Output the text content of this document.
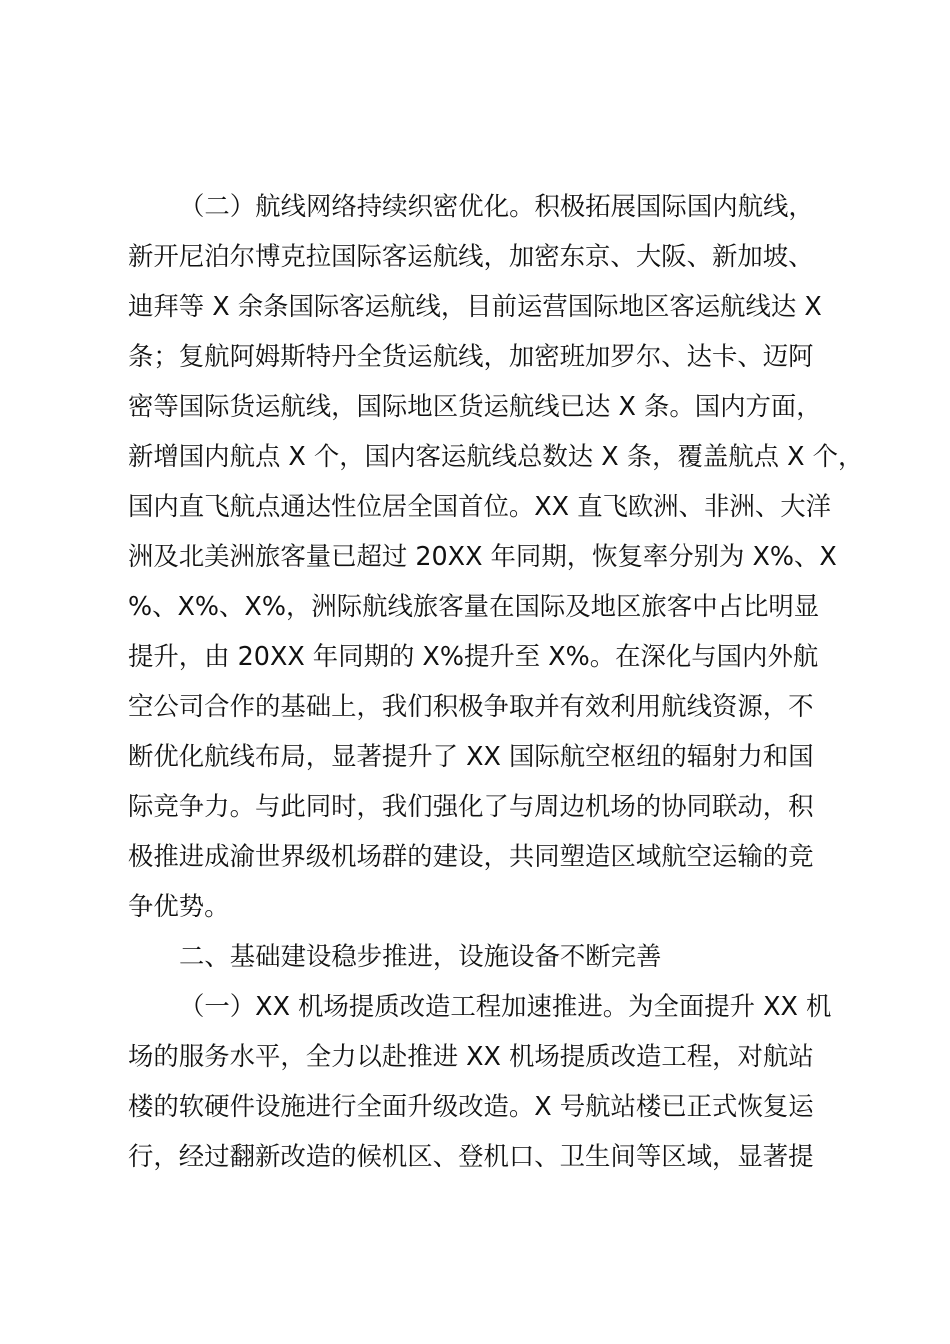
（二）航线网络持续织密优化。积极拓展国际国内航线，
新开尼泊尔博克拉国际客运航线，加密东京、大阪、新加坡、
迪拜等 X 余条国际客运航线，目前运营国际地区客运航线达 X
条；复航阿姆斯特丹全货运航线，加密班加罗尔、达卡、迈阿
密等国际货运航线，国际地区货运航线已达 X 条。国内方面，
新增国内航点 X 个，国内客运航线总数达 X 条，覆盖航点 X 个，
国内直飞航点通达性位居全国首位。XX 直飞欧洲、非洲、大洋
洲及北美洲旅客量已超过 20XX 年同期，恢复率分别为 X%、X
%、X%、X%，洲际航线旅客量在国际及地区旅客中占比明显
提升，由 20XX 年同期的 X%提升至 X%。在深化与国内外航
空公司合作的基础上，我们积极争取并有效利用航线资源，不
断优化航线布局，显著提升了 XX 国际航空枢纽的辐射力和国
际竞争力。与此同时，我们强化了与周边机场的协同联动，积
极推进成渝世界级机场群的建设，共同塑造区域航空运输的竞
争优势。
二、基础建设稳步推进，设施设备不断完善
（一）XX 机场提质改造工程加速推进。为全面提升 XX 机
场的服务水平，全力以赴推进 XX 机场提质改造工程，对航站
楼的软硬件设施进行全面升级改造。X 号航站楼已正式恢复运
行，经过翻新改造的候机区、登机口、卫生间等区域，显著提
